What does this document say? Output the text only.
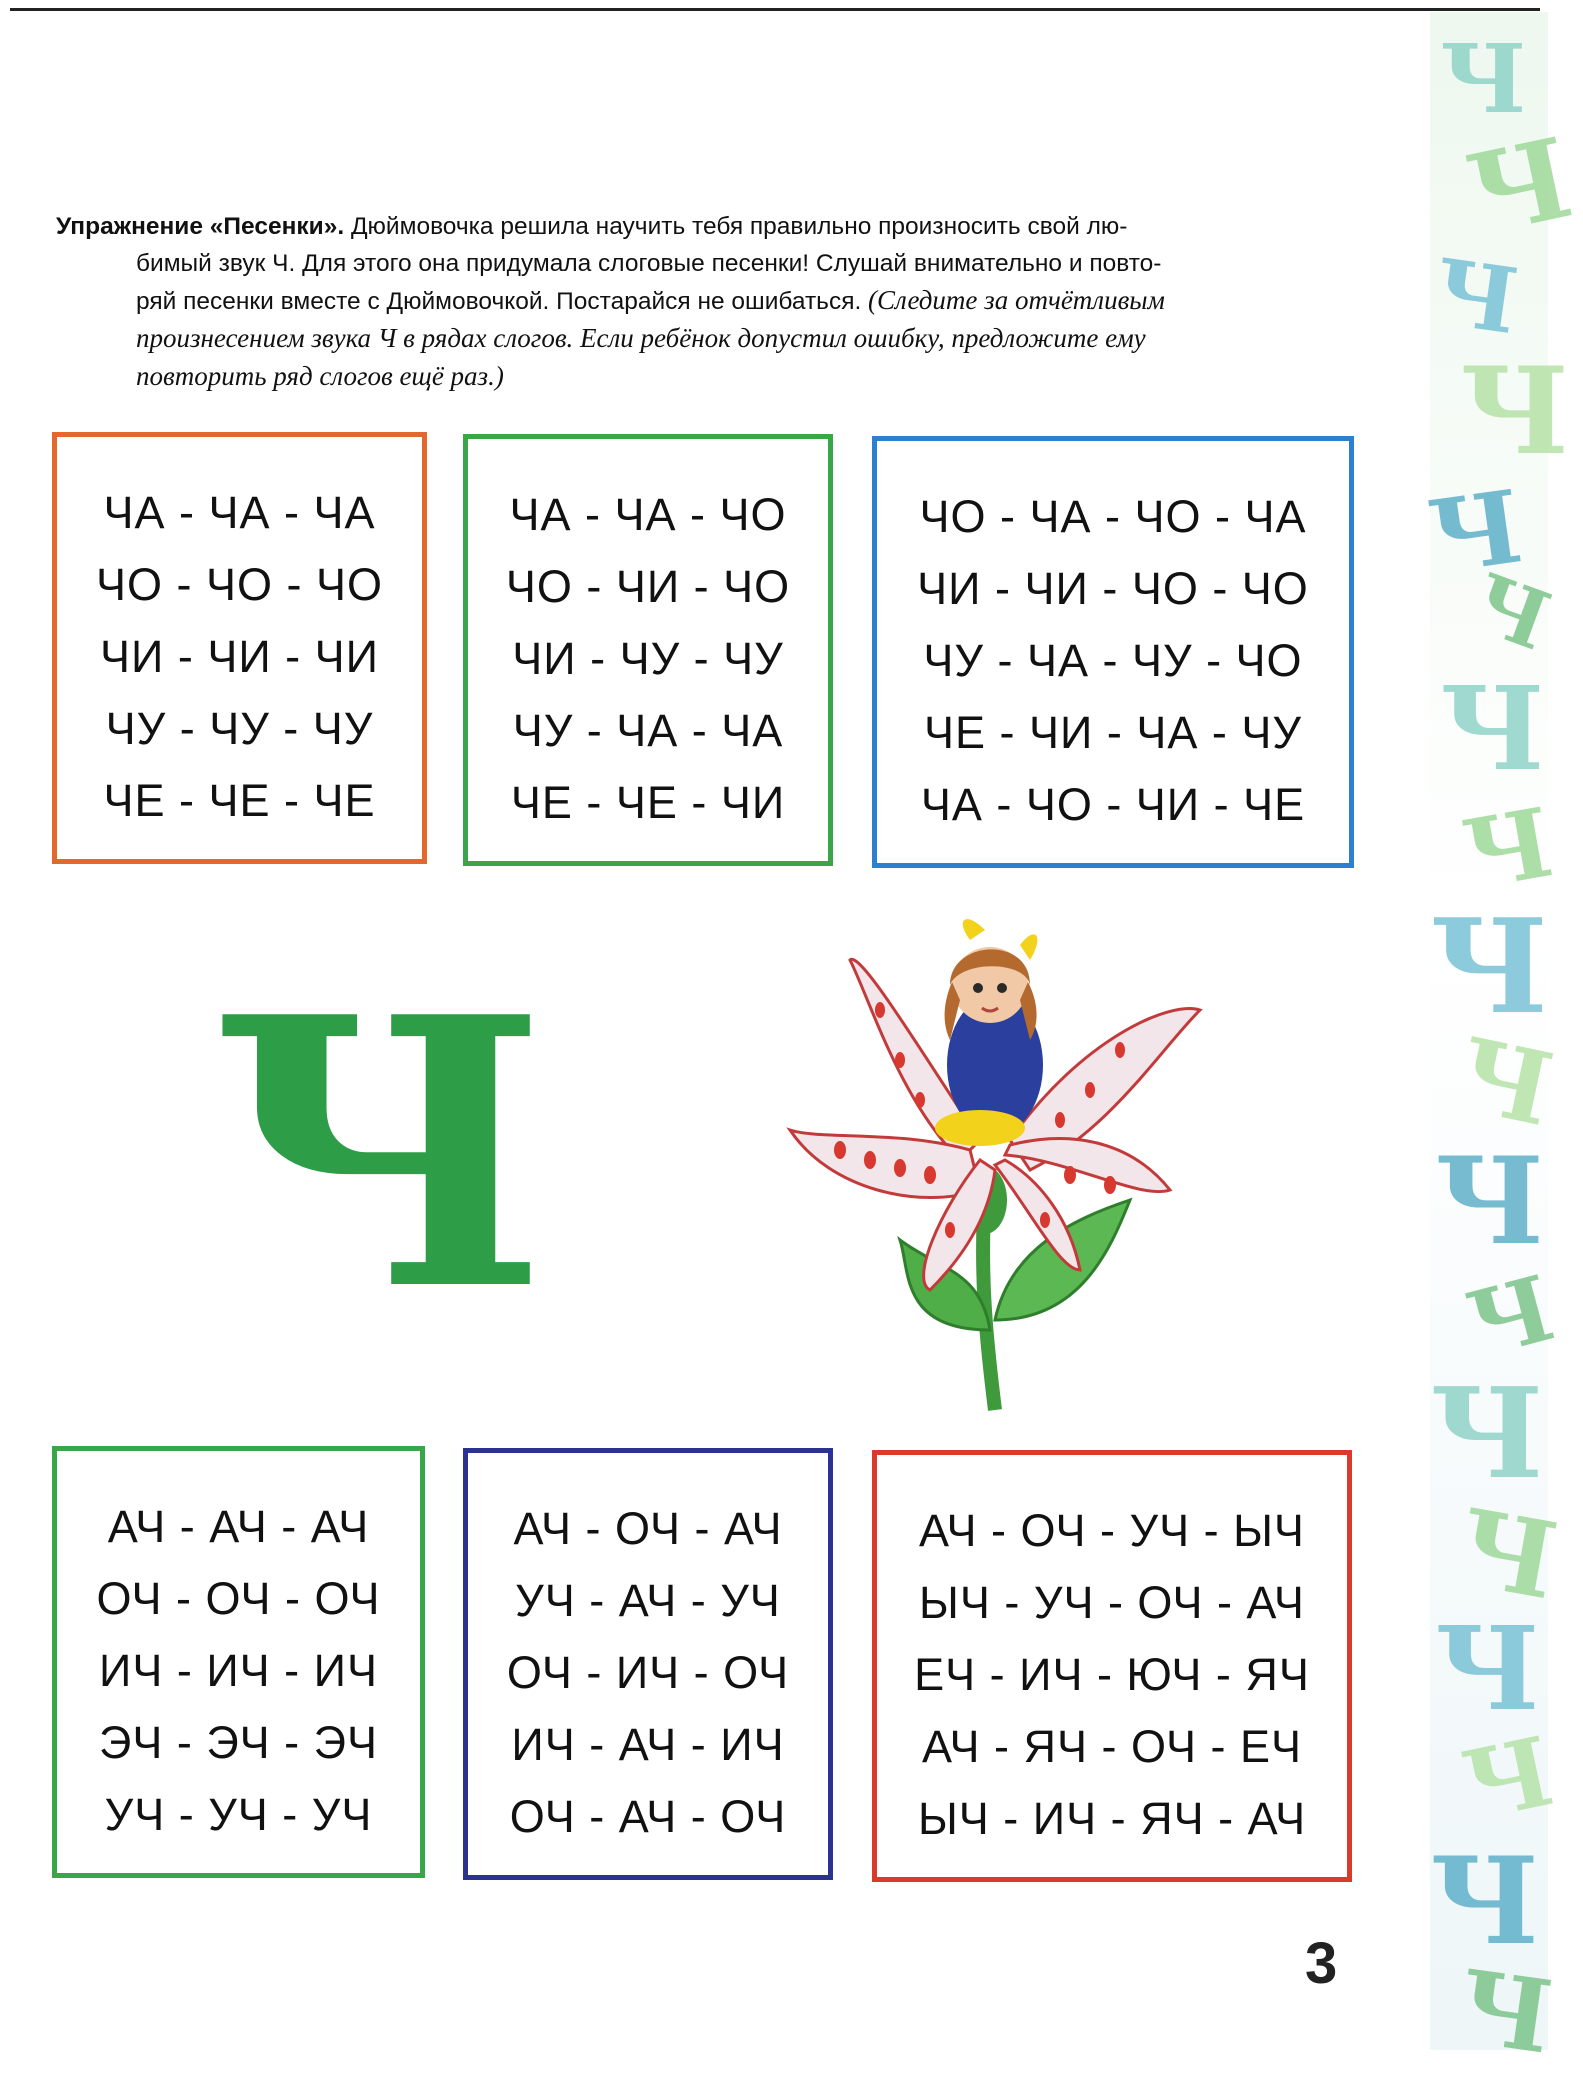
Упражнение «Песенки». Дюймовочка решила научить тебя правильно произносить свой лю-
бимый звук Ч. Для этого она придумала слоговые песенки! Слушай внимательно и повто-
ряй песенки вместе с Дюймовочкой. Постарайся не ошибаться. (Следите за отчётливым
произнесением звука Ч в рядах слогов. Если ребёнок допустил ошибку, предложите ему
повторить ряд слогов ещё раз.)
ЧА - ЧА - ЧА
ЧО - ЧО - ЧО
ЧИ - ЧИ - ЧИ
ЧУ - ЧУ - ЧУ
ЧЕ - ЧЕ - ЧЕ
ЧА - ЧА - ЧО
ЧО - ЧИ - ЧО
ЧИ - ЧУ - ЧУ
ЧУ - ЧА - ЧА
ЧЕ - ЧЕ - ЧИ
ЧО - ЧА - ЧО - ЧА
ЧИ - ЧИ - ЧО - ЧО
ЧУ - ЧА - ЧУ - ЧО
ЧЕ - ЧИ - ЧА - ЧУ
ЧА - ЧО - ЧИ - ЧЕ
Ч
АЧ - АЧ - АЧ
ОЧ - ОЧ - ОЧ
ИЧ - ИЧ - ИЧ
ЭЧ - ЭЧ - ЭЧ
УЧ - УЧ - УЧ
АЧ - ОЧ - АЧ
УЧ - АЧ - УЧ
ОЧ - ИЧ - ОЧ
ИЧ - АЧ - ИЧ
ОЧ - АЧ - ОЧ
АЧ - ОЧ - УЧ - ЫЧ
ЫЧ - УЧ - ОЧ - АЧ
ЕЧ - ИЧ - ЮЧ - ЯЧ
АЧ - ЯЧ - ОЧ - ЕЧ
ЫЧ - ИЧ - ЯЧ - АЧ
Ч
Ч
Ч
Ч
Ч
Ч
Ч
Ч
Ч
Ч
Ч
Ч
Ч
Ч
Ч
Ч
Ч
Ч
3
